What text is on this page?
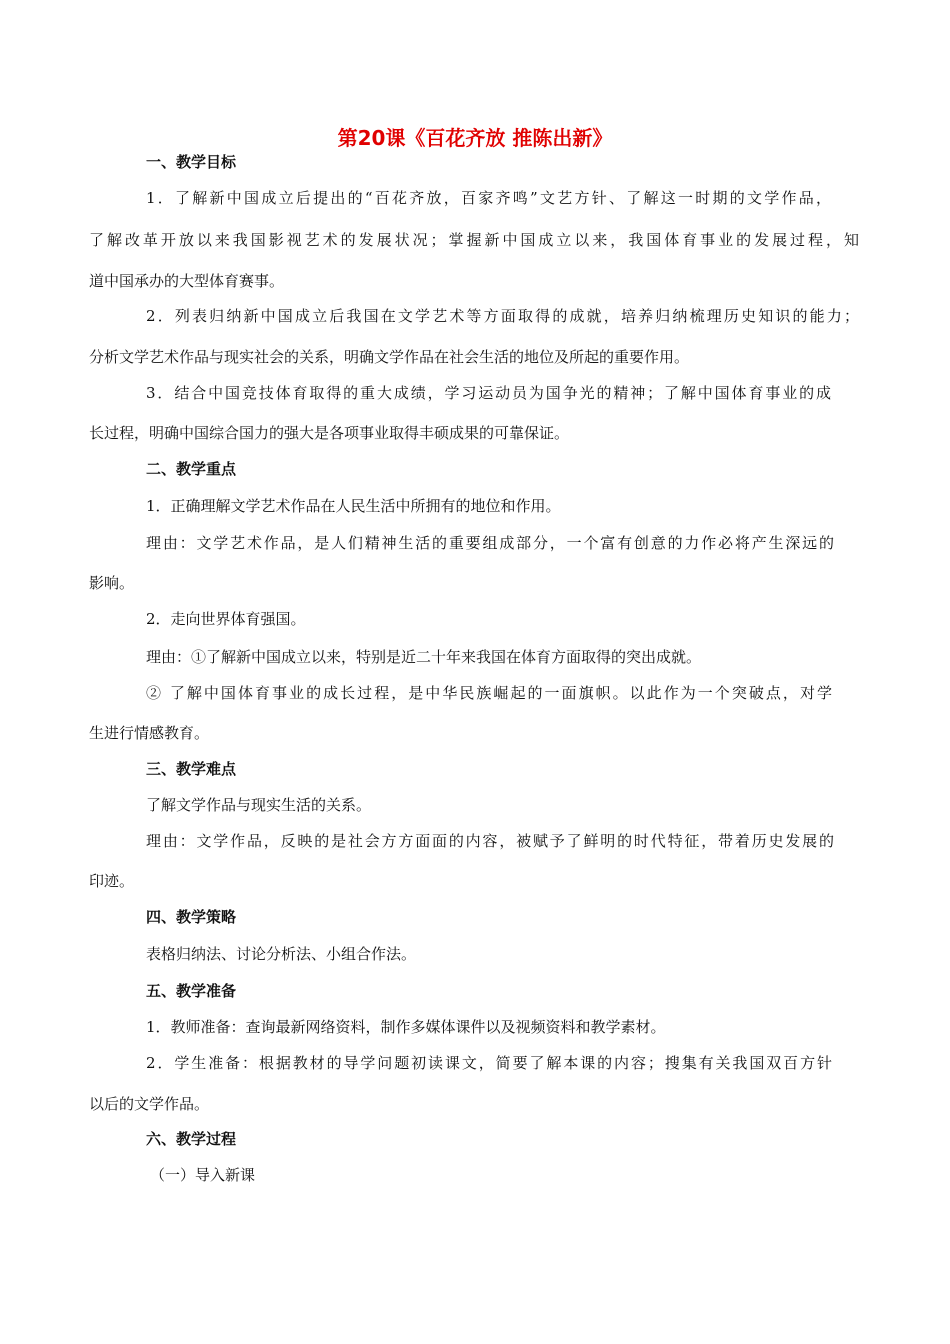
第20课《百花齐放 推陈出新》
一、教学目标
1．了解新中国成立后提出的“百花齐放，百家齐鸣”文艺方针、了解这一时期的文学作品，
了解改革开放以来我国影视艺术的发展状况；掌握新中国成立以来，我国体育事业的发展过程，知
道中国承办的大型体育赛事。
2．列表归纳新中国成立后我国在文学艺术等方面取得的成就，培养归纳梳理历史知识的能力；
分析文学艺术作品与现实社会的关系，明确文学作品在社会生活的地位及所起的重要作用。
3．结合中国竞技体育取得的重大成绩，学习运动员为国争光的精神；了解中国体育事业的成
长过程，明确中国综合国力的强大是各项事业取得丰硕成果的可靠保证。
二、教学重点
1．正确理解文学艺术作品在人民生活中所拥有的地位和作用。
理由：文学艺术作品，是人们精神生活的重要组成部分，一个富有创意的力作必将产生深远的
影响。
2．走向世界体育强国。
理由：①了解新中国成立以来，特别是近二十年来我国在体育方面取得的突出成就。
② 了解中国体育事业的成长过程，是中华民族崛起的一面旗帜。以此作为一个突破点，对学
生进行情感教育。
三、教学难点
了解文学作品与现实生活的关系。
理由：文学作品，反映的是社会方方面面的内容，被赋予了鲜明的时代特征，带着历史发展的
印迹。
四、教学策略
表格归纳法、讨论分析法、小组合作法。
五、教学准备
1．教师准备：查询最新网络资料，制作多媒体课件以及视频资料和教学素材。
2．学生准备：根据教材的导学问题初读课文，简要了解本课的内容；搜集有关我国双百方针
以后的文学作品。
六、教学过程
（一）导入新课
